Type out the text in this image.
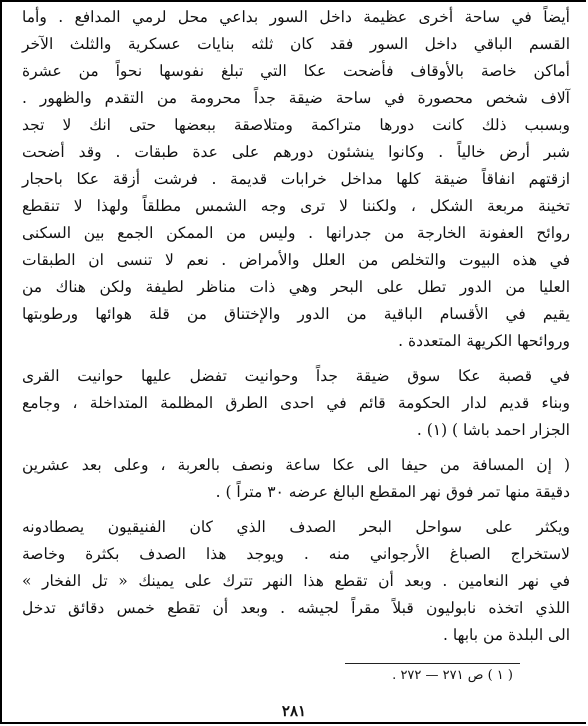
أيضاً في ساحة أخرى عظيمة داخل السور بداعي محل لرمي المدافع . وأما
القسم الباقي داخل السور فقد كان ثلثه بنايات عسكرية والثلث الآخر
أماكن خاصة بالأوقاف فأضحت عكا التي تبلغ نفوسها نحواً من عشرة
آلاف شخص محصورة في ساحة ضيقة جداً محرومة من التقدم والظهور .
وبسبب ذلك كانت دورها متراكمة ومتلاصقة ببعضها حتى انك لا تجد
شبر أرض خالياً . وكانوا ينشئون دورهم على عدة طبقات . وقد أضحت
ازقتهم انفاقاً ضيقة كلها مداخل خرابات قديمة . فرشت أزقة عكا باحجار
تخينة مربعة الشكل ، ولكننا لا ترى وجه الشمس مطلقاً ولهذا لا تنقطع
روائح العفونة الخارجة من جدرانها . وليس من الممكن الجمع بين السكنى
في هذه البيوت والتخلص من العلل والأمراض . نعم لا تنسى ان الطبقات
العليا من الدور تطل على البحر وهي ذات مناظر لطيفة ولكن هناك من
يقيم في الأقسام الباقية من الدور والإختناق من قلة هوائها ورطوبتها
وروائحها الكريهة المتعددة .
في قصبة عكا سوق ضيقة جداً وحوانيت تفضل عليها حوانيت القرى
وبناء قديم لدار الحكومة قائم في احدى الطرق المظلمة المتداخلة ، وجامع
الجزار احمد باشا ) (١) .
( إن المسافة من حيفا الى عكا ساعة ونصف بالعربة ، وعلى بعد عشرين
دقيقة منها تمر فوق نهر المقطع البالغ عرضه ٣٠ متراً ) .
ويكثر على سواحل البحر الصدف الذي كان الفنيقيون يصطادونه
لاستخراج الصباغ الأرجواني منه . ويوجد هذا الصدف بكثرة وخاصة
في نهر النعامين . وبعد أن تقطع هذا النهر تترك على يمينك « تل الفخار »
اللذي اتخذه نابوليون قبلاً مقراً لجيشه . وبعد أن تقطع خمس دقائق تدخل
الى البلدة من بابها .
( ١ ) ص ٢٧١ — ٢٧٢ .
٢٨١
